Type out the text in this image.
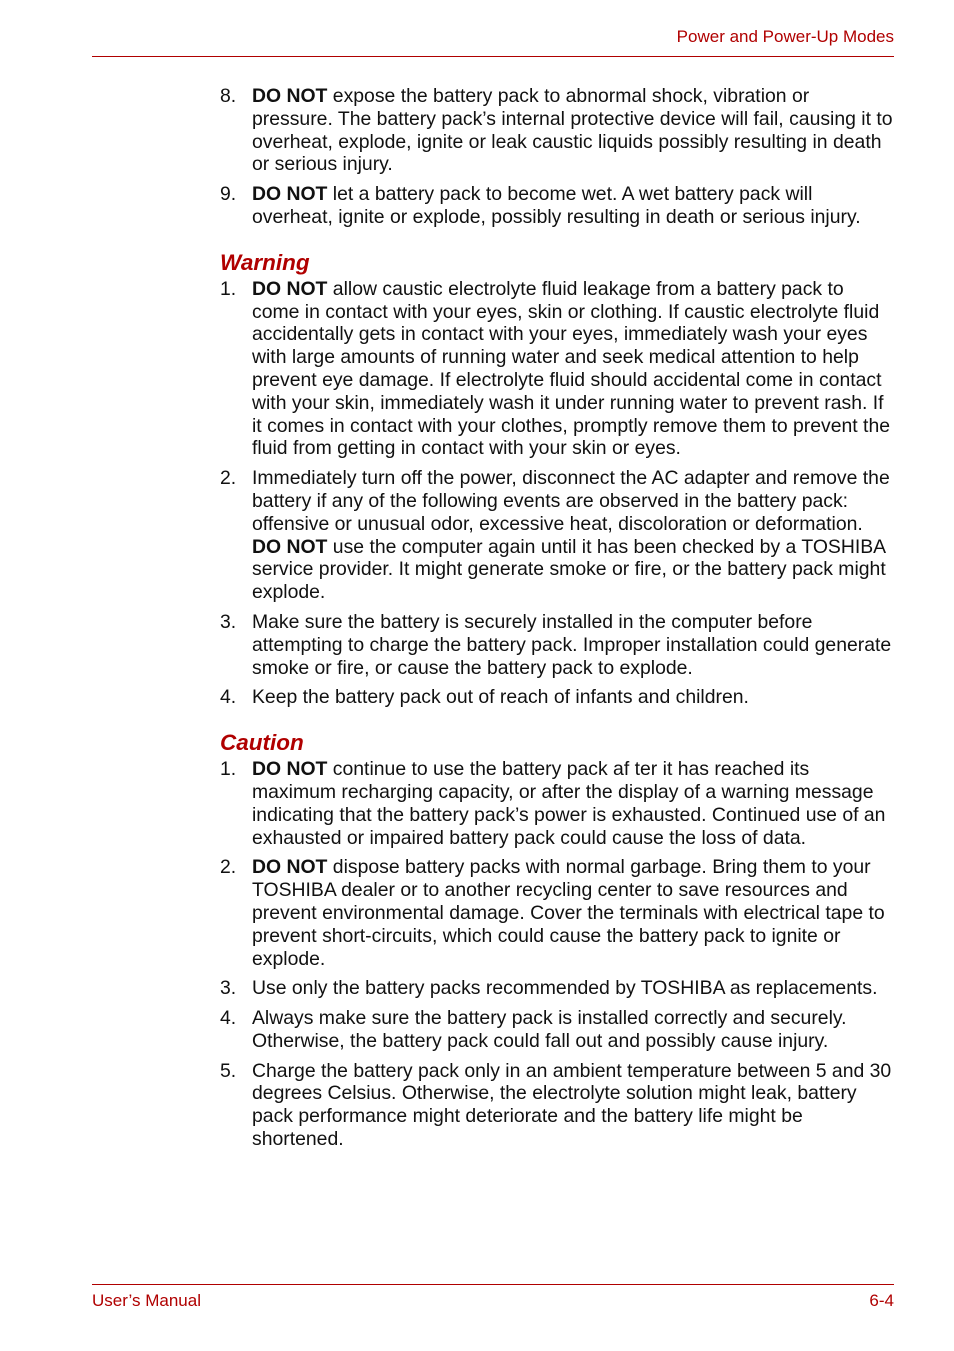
Power and Power-Up Modes
8. DO NOT expose the battery pack to abnormal shock, vibration or pressure. The battery pack’s internal protective device will fail, causing it to overheat, explode, ignite or leak caustic liquids possibly resulting in death or serious injury.
9. DO NOT let a battery pack to become wet. A wet battery pack will overheat, ignite or explode, possibly resulting in death or serious injury.
Warning
1. DO NOT allow caustic electrolyte fluid leakage from a battery pack to come in contact with your eyes, skin or clothing. If caustic electrolyte fluid accidentally gets in contact with your eyes, immediately wash your eyes with large amounts of running water and seek medical attention to help prevent eye damage. If electrolyte fluid should accidental come in contact with your skin, immediately wash it under running water to prevent rash. If it comes in contact with your clothes, promptly remove them to prevent the fluid from getting in contact with your skin or eyes.
2. Immediately turn off the power, disconnect the AC adapter and remove the battery if any of the following events are observed in the battery pack: offensive or unusual odor, excessive heat, discoloration or deformation.
DO NOT use the computer again until it has been checked by a TOSHIBA service provider. It might generate smoke or fire, or the battery pack might explode.
3. Make sure the battery is securely installed in the computer before attempting to charge the battery pack. Improper installation could generate smoke or fire, or cause the battery pack to explode.
4. Keep the battery pack out of reach of infants and children.
Caution
1. DO NOT continue to use the battery pack af ter it has reached its maximum recharging capacity, or after the display of a warning message indicating that the battery pack’s power is exhausted. Continued use of an exhausted or impaired battery pack could cause the loss of data.
2. DO NOT dispose battery packs with normal garbage. Bring them to your TOSHIBA dealer or to another recycling center to save resources and prevent environmental damage. Cover the terminals with electrical tape to prevent short-circuits, which could cause the battery pack to ignite or explode.
3. Use only the battery packs recommended by TOSHIBA as replacements.
4. Always make sure the battery pack is installed correctly and securely. Otherwise, the battery pack could fall out and possibly cause injury.
5. Charge the battery pack only in an ambient temperature between 5 and 30 degrees Celsius. Otherwise, the electrolyte solution might leak, battery pack performance might deteriorate and the battery life might be shortened.
User’s Manual	6-4
